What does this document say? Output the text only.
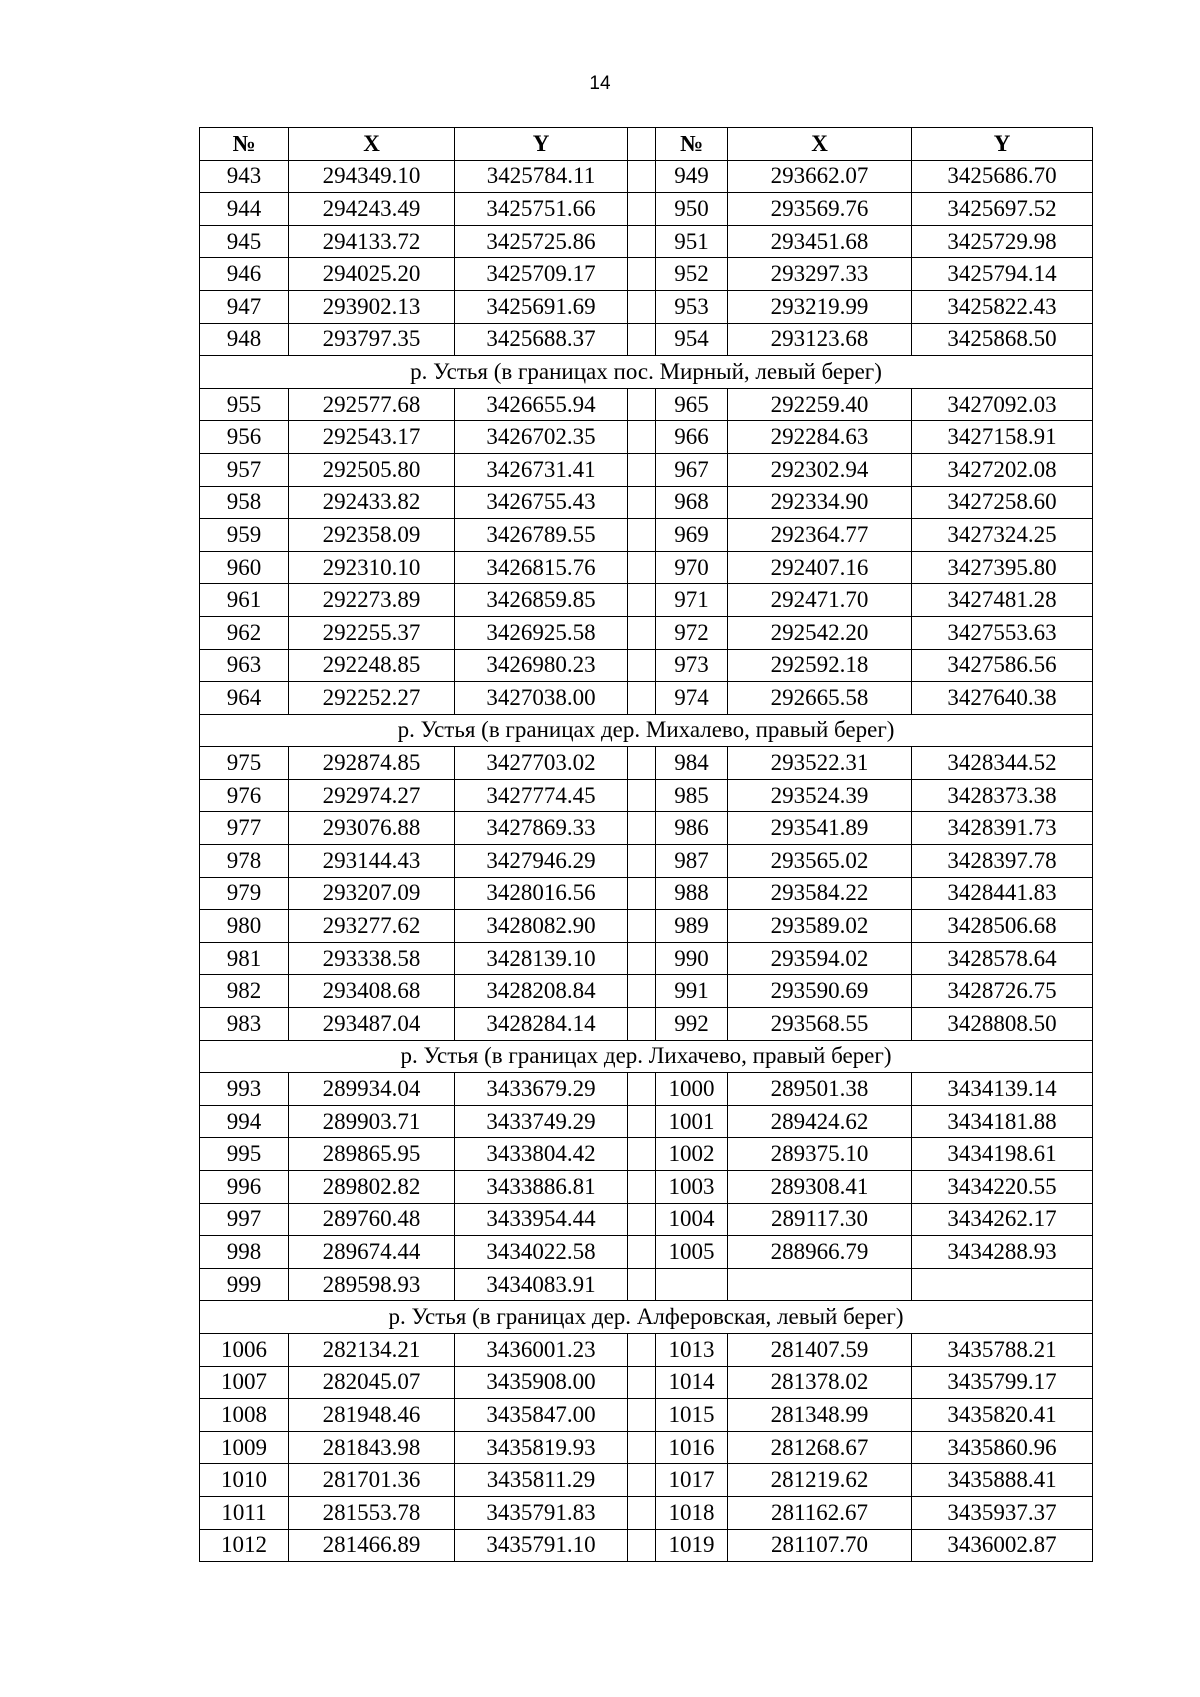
14
№	X	Y		№	X	Y
943	294349.10	3425784.11		949	293662.07	3425686.70
944	294243.49	3425751.66		950	293569.76	3425697.52
945	294133.72	3425725.86		951	293451.68	3425729.98
946	294025.20	3425709.17		952	293297.33	3425794.14
947	293902.13	3425691.69		953	293219.99	3425822.43
948	293797.35	3425688.37		954	293123.68	3425868.50
р. Устья (в границах пос. Мирный, левый берег)						
955	292577.68	3426655.94		965	292259.40	3427092.03
956	292543.17	3426702.35		966	292284.63	3427158.91
957	292505.80	3426731.41		967	292302.94	3427202.08
958	292433.82	3426755.43		968	292334.90	3427258.60
959	292358.09	3426789.55		969	292364.77	3427324.25
960	292310.10	3426815.76		970	292407.16	3427395.80
961	292273.89	3426859.85		971	292471.70	3427481.28
962	292255.37	3426925.58		972	292542.20	3427553.63
963	292248.85	3426980.23		973	292592.18	3427586.56
964	292252.27	3427038.00		974	292665.58	3427640.38
р. Устья (в границах дер. Михалево, правый берег)						
975	292874.85	3427703.02		984	293522.31	3428344.52
976	292974.27	3427774.45		985	293524.39	3428373.38
977	293076.88	3427869.33		986	293541.89	3428391.73
978	293144.43	3427946.29		987	293565.02	3428397.78
979	293207.09	3428016.56		988	293584.22	3428441.83
980	293277.62	3428082.90		989	293589.02	3428506.68
981	293338.58	3428139.10		990	293594.02	3428578.64
982	293408.68	3428208.84		991	293590.69	3428726.75
983	293487.04	3428284.14		992	293568.55	3428808.50
р. Устья (в границах дер. Лихачево, правый берег)						
993	289934.04	3433679.29		1000	289501.38	3434139.14
994	289903.71	3433749.29		1001	289424.62	3434181.88
995	289865.95	3433804.42		1002	289375.10	3434198.61
996	289802.82	3433886.81		1003	289308.41	3434220.55
997	289760.48	3433954.44		1004	289117.30	3434262.17
998	289674.44	3434022.58		1005	288966.79	3434288.93
999	289598.93	3434083.91				
р. Устья (в границах дер. Алферовская, левый берег)						
1006	282134.21	3436001.23		1013	281407.59	3435788.21
1007	282045.07	3435908.00		1014	281378.02	3435799.17
1008	281948.46	3435847.00		1015	281348.99	3435820.41
1009	281843.98	3435819.93		1016	281268.67	3435860.96
1010	281701.36	3435811.29		1017	281219.62	3435888.41
1011	281553.78	3435791.83		1018	281162.67	3435937.37
1012	281466.89	3435791.10		1019	281107.70	3436002.87
